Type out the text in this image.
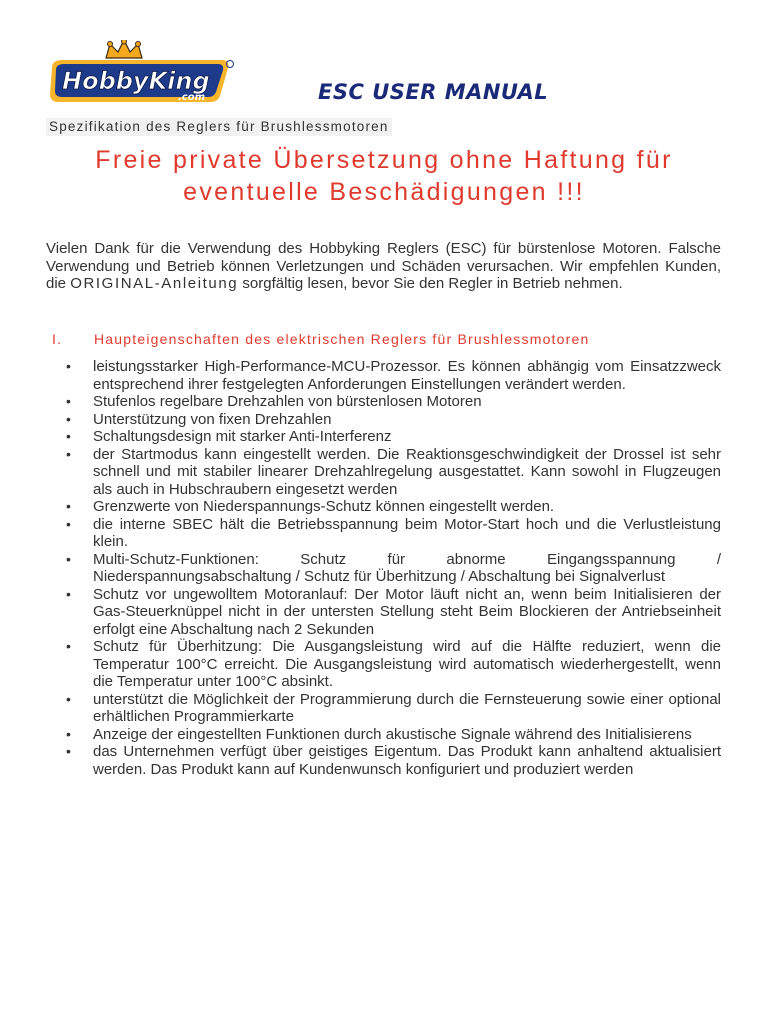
HobbyKing
.com	ESC USER MANUAL
Spezifikation des Reglers für Brushlessmotoren
Freie private Übersetzung ohne Haftung für
eventuelle Beschädigungen !!!
Vielen Dank für die Verwendung des Hobbyking Reglers (ESC) für bürstenlose Motoren. Falsche Verwendung und Betrieb können Verletzungen und Schäden verursachen. Wir empfehlen Kunden, die ORIGINAL-Anleitung sorgfältig lesen, bevor Sie den Regler in Betrieb nehmen.
I. Haupteigenschaften des elektrischen Reglers für Brushlessmotoren
• leistungsstarker High-Performance-MCU-Prozessor. Es können abhängig vom Einsatzzweck entsprechend ihrer festgelegten Anforderungen Einstellungen verändert werden.
• Stufenlos regelbare Drehzahlen von bürstenlosen Motoren
• Unterstützung von fixen Drehzahlen
• Schaltungsdesign mit starker Anti-Interferenz
• der Startmodus kann eingestellt werden. Die Reaktionsgeschwindigkeit der Drossel ist sehr schnell und mit stabiler linearer Drehzahlregelung ausgestattet. Kann sowohl in Flugzeugen als auch in Hubschraubern eingesetzt werden
• Grenzwerte von Niederspannungs-Schutz können eingestellt werden.
• die interne SBEC hält die Betriebsspannung beim Motor-Start hoch und die Verlustleistung klein.
• Multi-Schutz-Funktionen: Schutz für abnorme Eingangsspannung / Niederspannungsabschaltung / Schutz für Überhitzung / Abschaltung bei Signalverlust
• Schutz vor ungewolltem Motoranlauf: Der Motor läuft nicht an, wenn beim Initialisieren der Gas-Steuerknüppel nicht in der untersten Stellung steht Beim Blockieren der Antriebseinheit erfolgt eine Abschaltung nach 2 Sekunden
• Schutz für Überhitzung: Die Ausgangsleistung wird auf die Hälfte reduziert, wenn die Temperatur 100°C erreicht. Die Ausgangsleistung wird automatisch wiederhergestellt, wenn die Temperatur unter 100°C absinkt.
• unterstützt die Möglichkeit der Programmierung durch die Fernsteuerung sowie einer optional erhältlichen Programmierkarte
• Anzeige der eingestellten Funktionen durch akustische Signale während des Initialisierens
• das Unternehmen verfügt über geistiges Eigentum. Das Produkt kann anhaltend aktualisiert werden. Das Produkt kann auf Kundenwunsch konfiguriert und produziert werden
